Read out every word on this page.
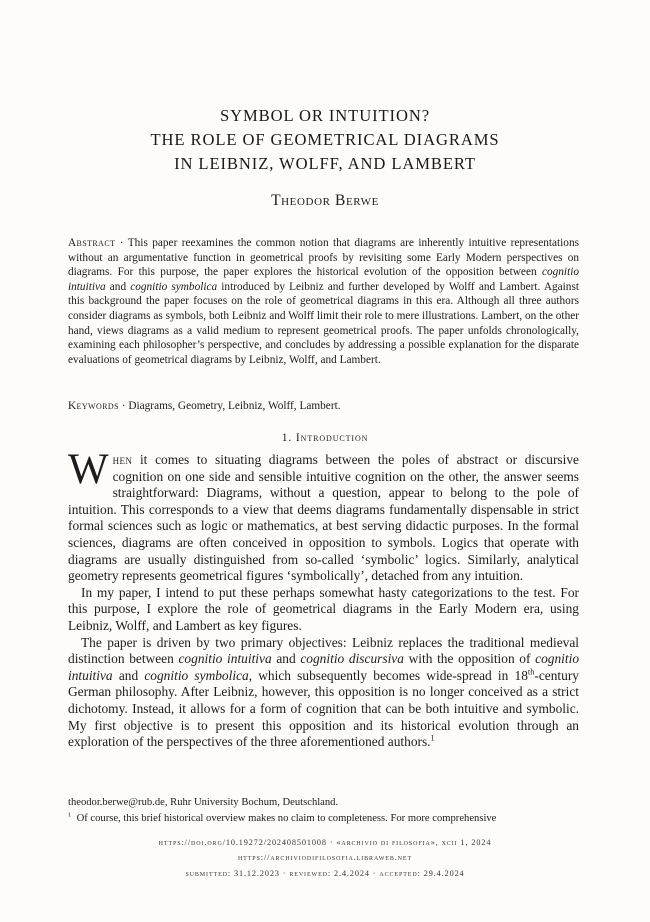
SYMBOL OR INTUITION?
THE ROLE OF GEOMETRICAL DIAGRAMS
IN LEIBNIZ, WOLFF, AND LAMBERT
Theodor Berwe
Abstract · This paper reexamines the common notion that diagrams are inherently intuitive representations without an argumentative function in geometrical proofs by revisiting some Early Modern perspectives on diagrams. For this purpose, the paper explores the historical evolution of the opposition between cognitio intuitiva and cognitio symbolica introduced by Leibniz and further developed by Wolff and Lambert. Against this background the paper focuses on the role of geometrical diagrams in this era. Although all three authors consider diagrams as symbols, both Leibniz and Wolff limit their role to mere illustrations. Lambert, on the other hand, views diagrams as a valid medium to represent geometrical proofs. The paper unfolds chronologically, examining each philosopher’s perspective, and concludes by addressing a possible explanation for the disparate evaluations of geometrical diagrams by Leibniz, Wolff, and Lambert.
Keywords · Diagrams, Geometry, Leibniz, Wolff, Lambert.
1. Introduction

When it comes to situating diagrams between the poles of abstract or discursive cognition on one side and sensible intuitive cognition on the other, the answer seems straightforward: Diagrams, without a question, appear to belong to the pole of intuition. This corresponds to a view that deems diagrams fundamentally dispensable in strict formal sciences such as logic or mathematics, at best serving didactic purposes. In the formal sciences, diagrams are often conceived in opposition to symbols. Logics that operate with diagrams are usually distinguished from so-called ‘symbolic’ logics. Similarly, analytical geometry represents geometrical figures ‘symbolically’, detached from any intuition.

In my paper, I intend to put these perhaps somewhat hasty categorizations to the test. For this purpose, I explore the role of geometrical diagrams in the Early Modern era, using Leibniz, Wolff, and Lambert as key figures.

The paper is driven by two primary objectives: Leibniz replaces the traditional medieval distinction between cognitio intuitiva and cognitio discursiva with the opposition of cognitio intuitiva and cognitio symbolica, which subsequently becomes wide-spread in 18th-century German philosophy. After Leibniz, however, this opposition is no longer conceived as a strict dichotomy. Instead, it allows for a form of cognition that can be both intuitive and symbolic. My first objective is to present this opposition and its historical evolution through an exploration of the perspectives of the three aforementioned authors.$^1$

theodor.berwe@rub.de, Ruhr University Bochum, Deutschland.

$^1$ Of course, this brief historical overview makes no claim to completeness. For more comprehensive

https://doi.org/10.19272/202408501008 · «archivio di filosofia», xcii 1, 2024
https://archiviodifilosofia.libraweb.net
submitted: 31.12.2023 · reviewed: 2.4.2024 · accepted: 29.4.2024
